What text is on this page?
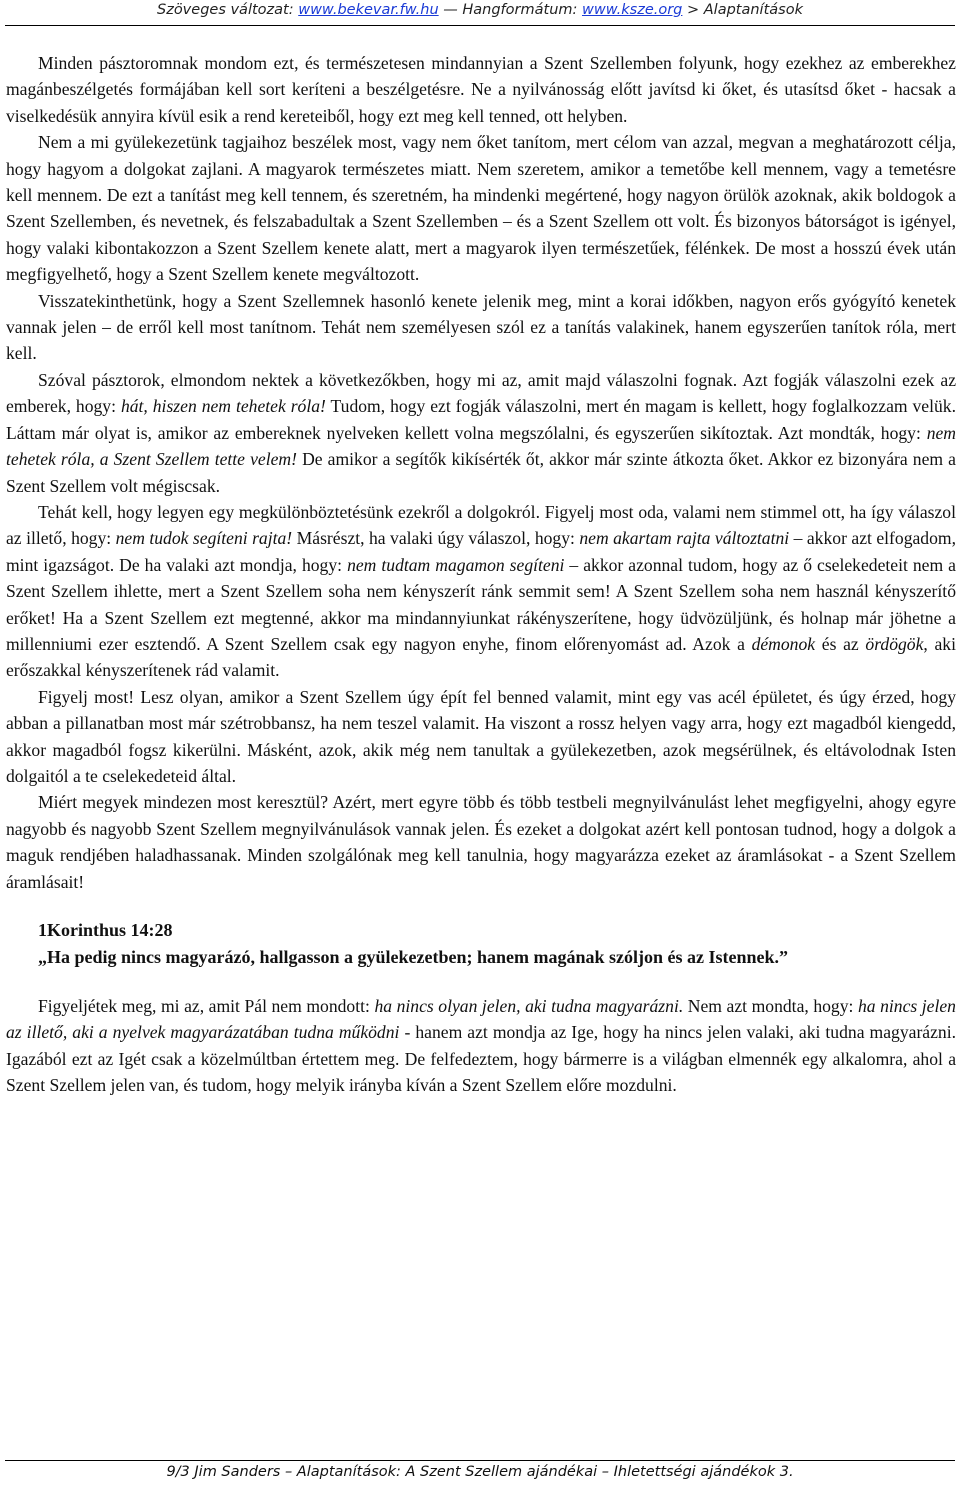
Szöveges változat: www.bekevar.fw.hu — Hangformátum: www.ksze.org > Alaptanítások

Minden pásztoromnak mondom ezt, és természetesen mindannyian a Szent Szellemben folyunk, hogy ezekhez az emberekhez magánbeszélgetés formájában kell sort keríteni a beszélgetésre. Ne a nyilvánosság előtt javítsd ki őket, és utasítsd őket - hacsak a viselkedésük annyira kívül esik a rend kereteiből, hogy ezt meg kell tenned, ott helyben.

Nem a mi gyülekezetünk tagjaihoz beszélek most, vagy nem őket tanítom, mert célom van azzal, megvan a meghatározott célja, hogy hagyom a dolgokat zajlani. A magyarok természetes miatt. Nem szeretem, amikor a temetőbe kell mennem, vagy a temetésre kell mennem. De ezt a tanítást meg kell tennem, és szeretném, ha mindenki megértené, hogy nagyon örülök azoknak, akik boldogok a Szent Szellemben, és nevetnek, és felszabadultak a Szent Szellemben – és a Szent Szellem ott volt. És bizonyos bátorságot is igényel, hogy valaki kibontakozzon a Szent Szellem kenete alatt, mert a magyarok ilyen természetűek, félénkek. De most a hosszú évek után megfigyelhető, hogy a Szent Szellem kenete megváltozott.

Visszatekinthetünk, hogy a Szent Szellemnek hasonló kenete jelenik meg, mint a korai időkben, nagyon erős gyógyító kenetek vannak jelen – de erről kell most tanítnom. Tehát nem személyesen szól ez a tanítás valakinek, hanem egyszerűen tanítok róla, mert kell.

Szóval pásztorok, elmondom nektek a következőkben, hogy mi az, amit majd válaszolni fognak. Azt fogják válaszolni ezek az emberek, hogy: hát, hiszen nem tehetek róla! Tudom, hogy ezt fogják válaszolni, mert én magam is kellett, hogy foglalkozzam velük. Láttam már olyat is, amikor az embereknek nyelveken kellett volna megszólalni, és egyszerűen sikítoztak. Azt mondták, hogy: nem tehetek róla, a Szent Szellem tette velem! De amikor a segítők kikísérték őt, akkor már szinte átkozta őket. Akkor ez bizonyára nem a Szent Szellem volt mégiscsak.

Tehát kell, hogy legyen egy megkülönböztetésünk ezekről a dolgokról. Figyelj most oda, valami nem stimmel ott, ha így válaszol az illető, hogy: nem tudok segíteni rajta! Másrészt, ha valaki úgy válaszol, hogy: nem akartam rajta változtatni – akkor azt elfogadom, mint igazságot. De ha valaki azt mondja, hogy: nem tudtam magamon segíteni – akkor azonnal tudom, hogy az ő cselekedeteit nem a Szent Szellem ihlette, mert a Szent Szellem soha nem kényszerít ránk semmit sem! A Szent Szellem soha nem használ kényszerítő erőket! Ha a Szent Szellem ezt megtenné, akkor ma mindannyiunkat rákényszerítene, hogy üdvözüljünk, és holnap már jöhetne a millenniumi ezer esztendő. A Szent Szellem csak egy nagyon enyhe, finom előrenyomást ad. Azok a démonok és az ördögök, aki erőszakkal kényszerítenek rád valamit.

Figyelj most! Lesz olyan, amikor a Szent Szellem úgy épít fel benned valamit, mint egy vas acél épületet, és úgy érzed, hogy abban a pillanatban most már szétrobbansz, ha nem teszel valamit. Ha viszont a rossz helyen vagy arra, hogy ezt magadból kiengedd, akkor magadból fogsz kikerülni. Másként, azok, akik még nem tanultak a gyülekezetben, azok megsérülnek, és eltávolodnak Isten dolgaitól a te cselekedeteid által.

Miért megyek mindezen most keresztül? Azért, mert egyre több és több testbeli megnyilvánulást lehet megfigyelni, ahogy egyre nagyobb és nagyobb Szent Szellem megnyilvánulások vannak jelen. És ezeket a dolgokat azért kell pontosan tudnod, hogy a dolgok a maguk rendjében haladhassanak. Minden szolgálónak meg kell tanulnia, hogy magyarázza ezeket az áramlásokat - a Szent Szellem áramlásait!

1Korinthus 14:28

„Ha pedig nincs magyarázó, hallgasson a gyülekezetben; hanem magának szóljon és az Istennek.”

Figyeljétek meg, mi az, amit Pál nem mondott: ha nincs olyan jelen, aki tudna magyarázni. Nem azt mondta, hogy: ha nincs jelen az illető, aki a nyelvek magyarázatában tudna működni - hanem azt mondja az Ige, hogy ha nincs jelen valaki, aki tudna magyarázni. Igazából ezt az Igét csak a közelmúltban értettem meg. De felfedeztem, hogy bármerre is a világban elmennék egy alkalomra, ahol a Szent Szellem jelen van, és tudom, hogy melyik irányba kíván a Szent Szellem előre mozdulni.

9/3 Jim Sanders – Alaptanítások: A Szent Szellem ajándékai – Ihletettségi ajándékok 3.
